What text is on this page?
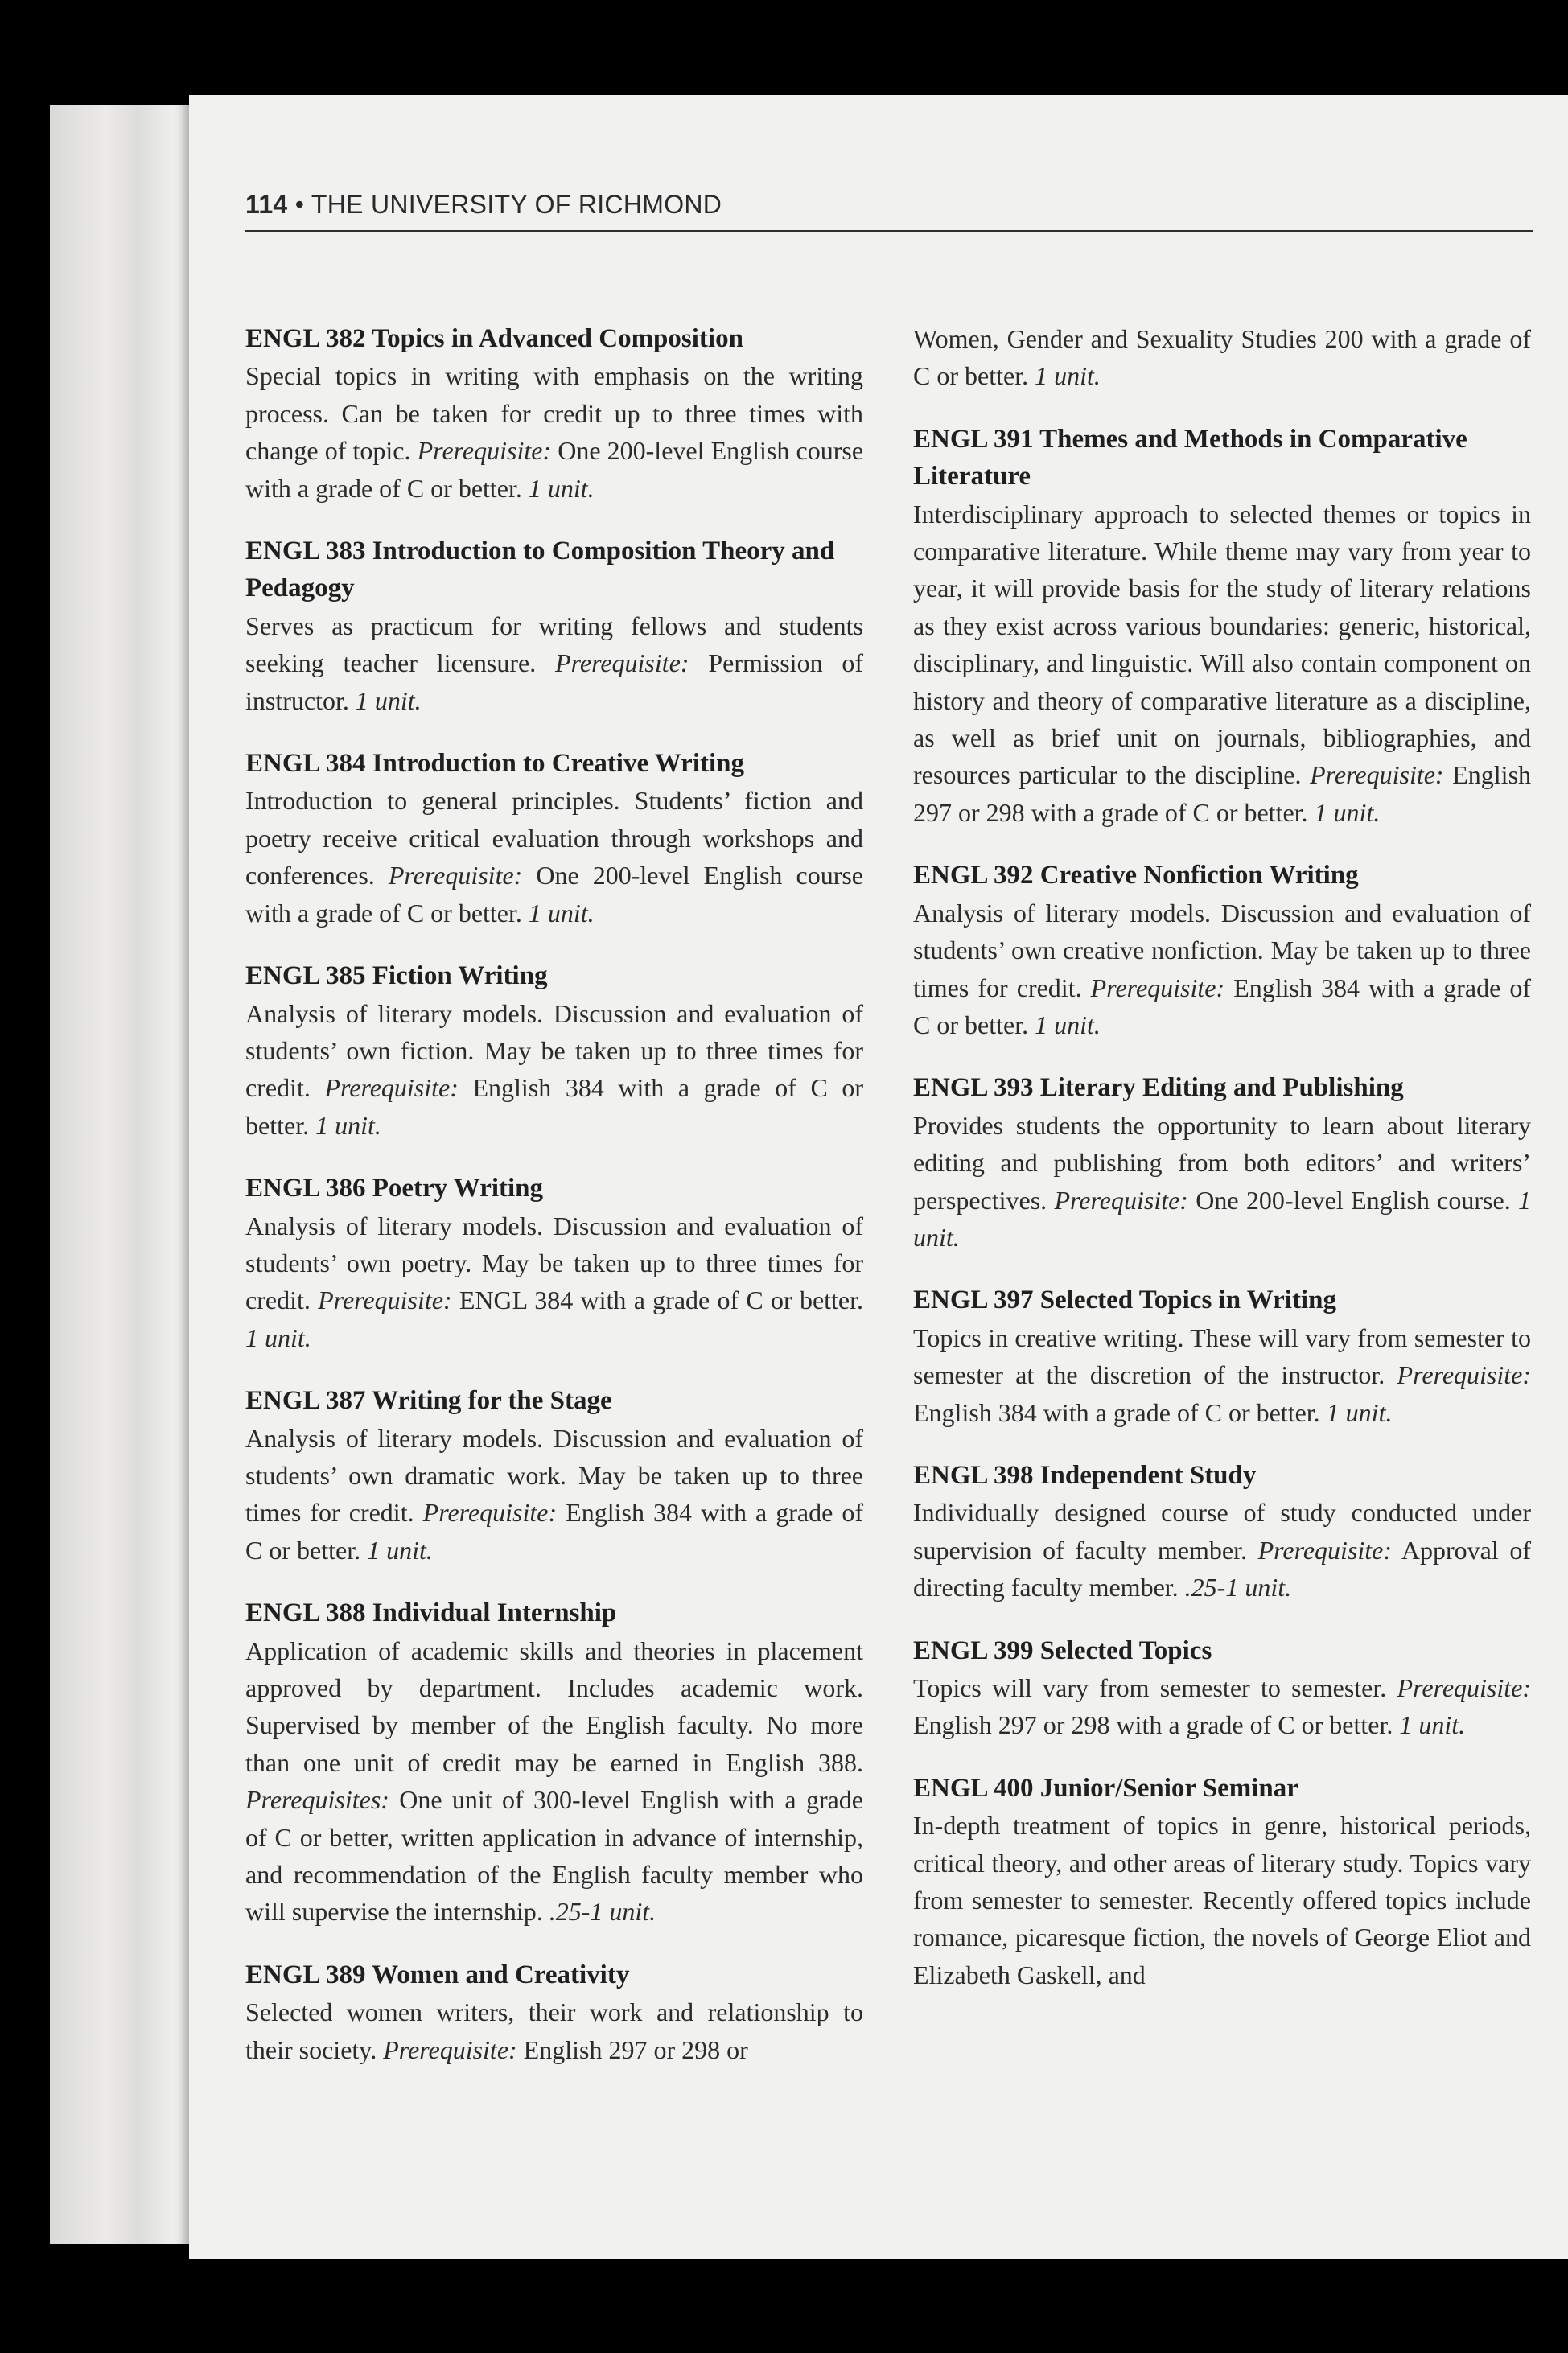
114 • THE UNIVERSITY OF RICHMOND
ENGL 382 Topics in Advanced Composition

Special topics in writing with emphasis on the writing process. Can be taken for credit up to three times with change of topic. Prerequisite: One 200-level English course with a grade of C or better. 1 unit.

ENGL 383 Introduction to Composition Theory and Pedagogy

Serves as practicum for writing fellows and students seeking teacher licensure. Prerequisite: Permission of instructor. 1 unit.

ENGL 384 Introduction to Creative Writing

Introduction to general principles. Students’ fiction and poetry receive critical evaluation through workshops and conferences. Prerequisite: One 200-level English course with a grade of C or better. 1 unit.

ENGL 385 Fiction Writing

Analysis of literary models. Discussion and evaluation of students’ own fiction. May be taken up to three times for credit. Prerequisite: English 384 with a grade of C or better. 1 unit.

ENGL 386 Poetry Writing

Analysis of literary models. Discussion and evaluation of students’ own poetry. May be taken up to three times for credit. Prerequisite: ENGL 384 with a grade of C or better. 1 unit.

ENGL 387 Writing for the Stage

Analysis of literary models. Discussion and evaluation of students’ own dramatic work. May be taken up to three times for credit. Prerequisite: English 384 with a grade of C or better. 1 unit.

ENGL 388 Individual Internship

Application of academic skills and theories in placement approved by department. Includes academic work. Supervised by member of the English faculty. No more than one unit of credit may be earned in English 388. Prerequisites: One unit of 300-level English with a grade of C or better, written application in advance of internship, and recommendation of the English faculty member who will supervise the internship. .25-1 unit.

ENGL 389 Women and Creativity

Selected women writers, their work and relationship to their society. Prerequisite: English 297 or 298 or

Women, Gender and Sexuality Studies 200 with a grade of C or better. 1 unit.

ENGL 391 Themes and Methods in Comparative Literature

Interdisciplinary approach to selected themes or topics in comparative literature. While theme may vary from year to year, it will provide basis for the study of literary relations as they exist across various boundaries: generic, historical, disciplinary, and linguistic. Will also contain component on history and theory of comparative literature as a discipline, as well as brief unit on journals, bibliographies, and resources particular to the discipline. Prerequisite: English 297 or 298 with a grade of C or better. 1 unit.

ENGL 392 Creative Nonfiction Writing

Analysis of literary models. Discussion and evaluation of students’ own creative nonfiction. May be taken up to three times for credit. Prerequisite: English 384 with a grade of C or better. 1 unit.

ENGL 393 Literary Editing and Publishing

Provides students the opportunity to learn about literary editing and publishing from both editors’ and writers’ perspectives. Prerequisite: One 200-level English course. 1 unit.

ENGL 397 Selected Topics in Writing

Topics in creative writing. These will vary from semester to semester at the discretion of the instructor. Prerequisite: English 384 with a grade of C or better. 1 unit.

ENGL 398 Independent Study

Individually designed course of study conducted under supervision of faculty member. Prerequisite: Approval of directing faculty member. .25-1 unit.

ENGL 399 Selected Topics

Topics will vary from semester to semester. Prerequisite: English 297 or 298 with a grade of C or better. 1 unit.

ENGL 400 Junior/Senior Seminar

In-depth treatment of topics in genre, historical periods, critical theory, and other areas of literary study. Topics vary from semester to semester. Recently offered topics include romance, picaresque fiction, the novels of George Eliot and Elizabeth Gaskell, and
